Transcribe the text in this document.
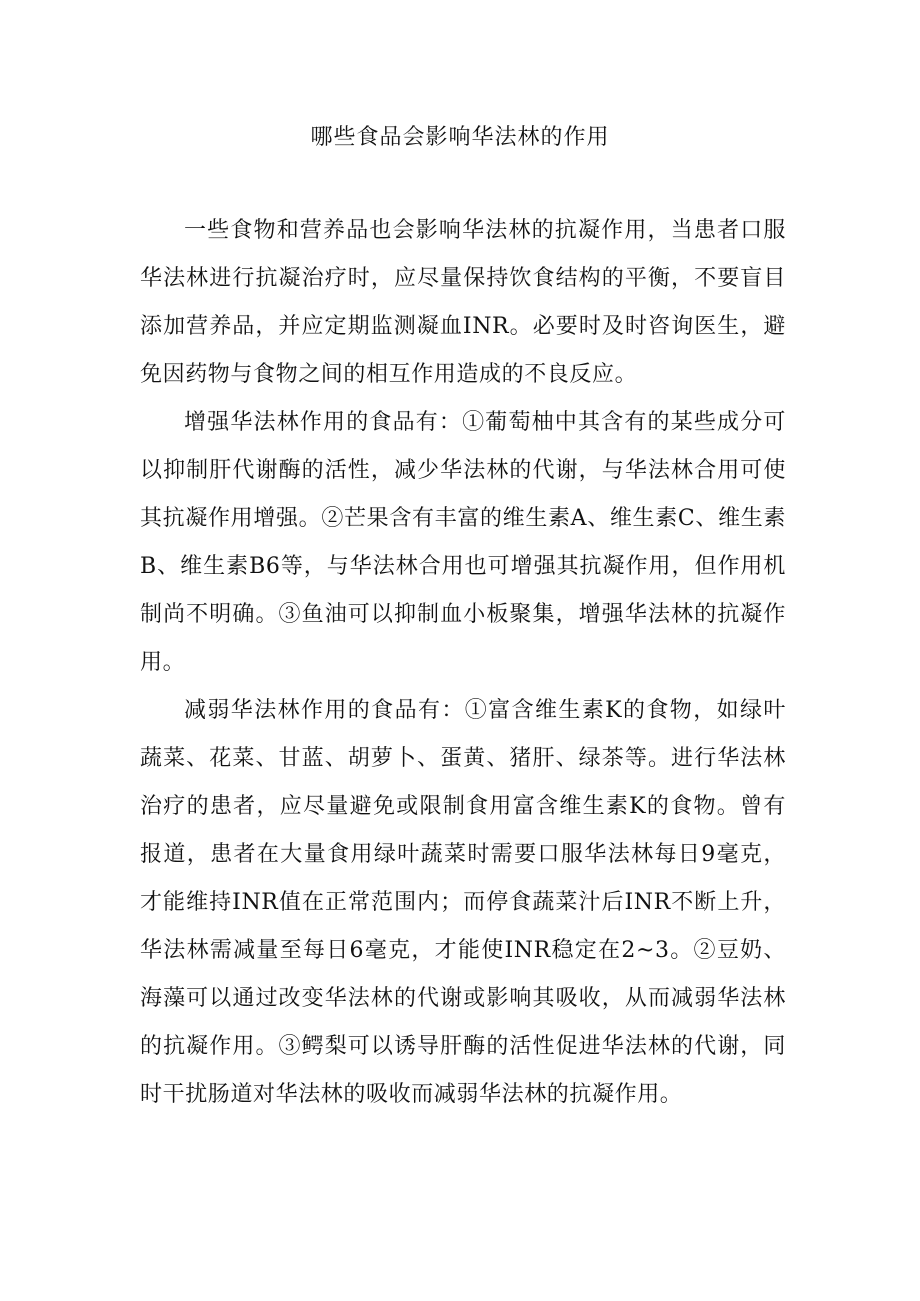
哪些食品会影响华法林的作用

一些食物和营养品也会影响华法林的抗凝作用，当患者口服华法林进行抗凝治疗时，应尽量保持饮食结构的平衡，不要盲目添加营养品，并应定期监测凝血INR。必要时及时咨询医生，避免因药物与食物之间的相互作用造成的不良反应。

增强华法林作用的食品有：①葡萄柚中其含有的某些成分可以抑制肝代谢酶的活性，减少华法林的代谢，与华法林合用可使其抗凝作用增强。②芒果含有丰富的维生素A、维生素C、维生素B、维生素B6等，与华法林合用也可增强其抗凝作用，但作用机制尚不明确。③鱼油可以抑制血小板聚集，增强华法林的抗凝作用。

减弱华法林作用的食品有：①富含维生素K的食物，如绿叶蔬菜、花菜、甘蓝、胡萝卜、蛋黄、猪肝、绿茶等。进行华法林治疗的患者，应尽量避免或限制食用富含维生素K的食物。曾有报道，患者在大量食用绿叶蔬菜时需要口服华法林每日9毫克，才能维持INR值在正常范围内；而停食蔬菜汁后INR不断上升，华法林需减量至每日6毫克，才能使INR稳定在2~3。②豆奶、海藻可以通过改变华法林的代谢或影响其吸收，从而减弱华法林的抗凝作用。③鳄梨可以诱导肝酶的活性促进华法林的代谢，同时干扰肠道对华法林的吸收而减弱华法林的抗凝作用。
